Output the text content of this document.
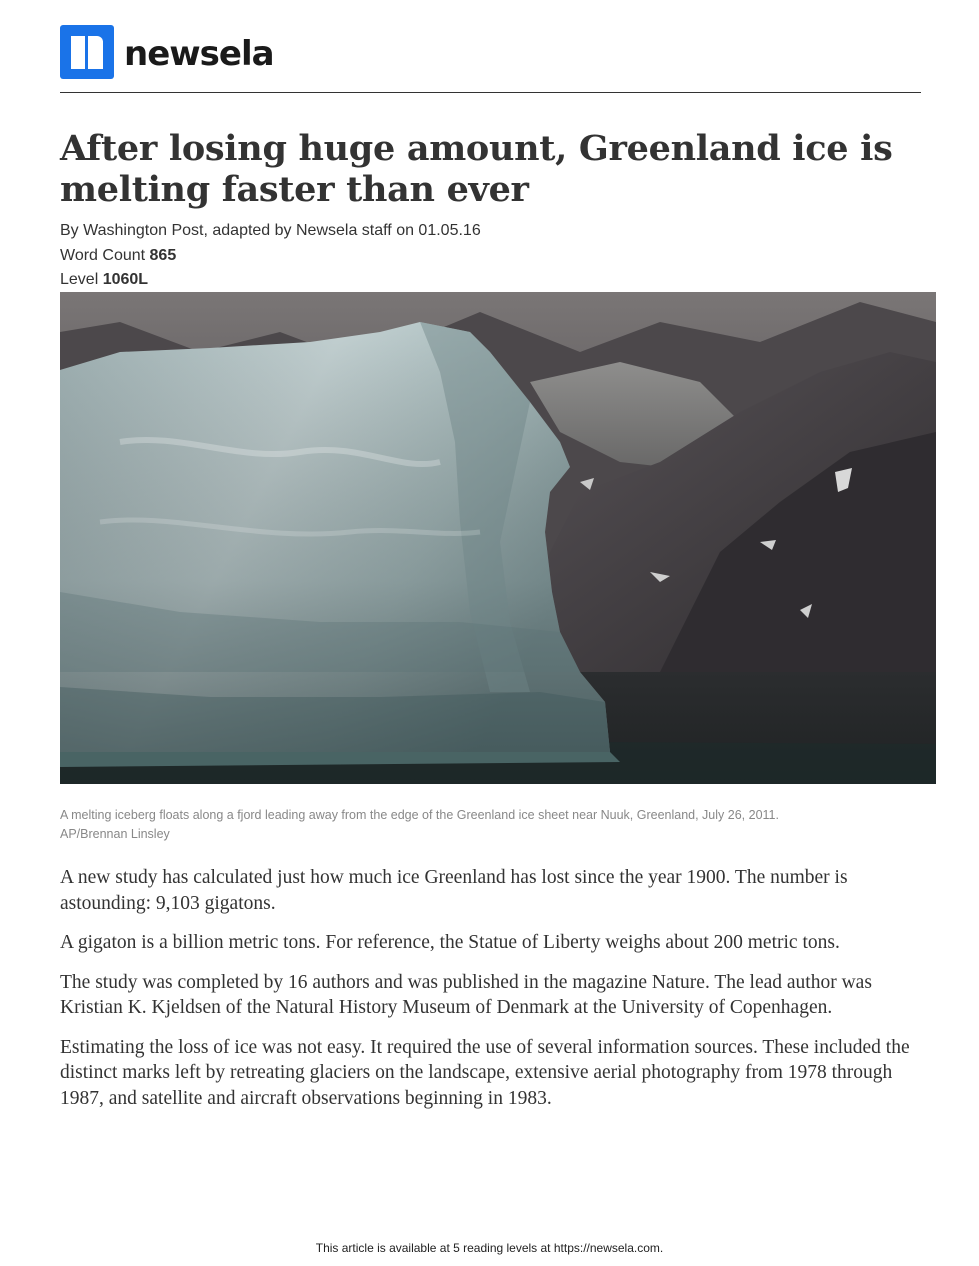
newsela
After losing huge amount, Greenland ice is melting faster than ever
By Washington Post, adapted by Newsela staff on 01.05.16
Word Count 865
Level 1060L
A melting iceberg floats along a fjord leading away from the edge of the Greenland ice sheet near Nuuk, Greenland, July 26, 2011.
AP/Brennan Linsley

A new study has calculated just how much ice Greenland has lost since the year 1900. The number is astounding: 9,103 gigatons.

A gigaton is a billion metric tons. For reference, the Statue of Liberty weighs about 200 metric tons.

The study was completed by 16 authors and was published in the magazine Nature. The lead author was Kristian K. Kjeldsen of the Natural History Museum of Denmark at the University of Copenhagen.

Estimating the loss of ice was not easy. It required the use of several information sources. These included the distinct marks left by retreating glaciers on the landscape, extensive aerial photography from 1978 through 1987, and satellite and aircraft observations beginning in 1983.

This article is available at 5 reading levels at https://newsela.com.
